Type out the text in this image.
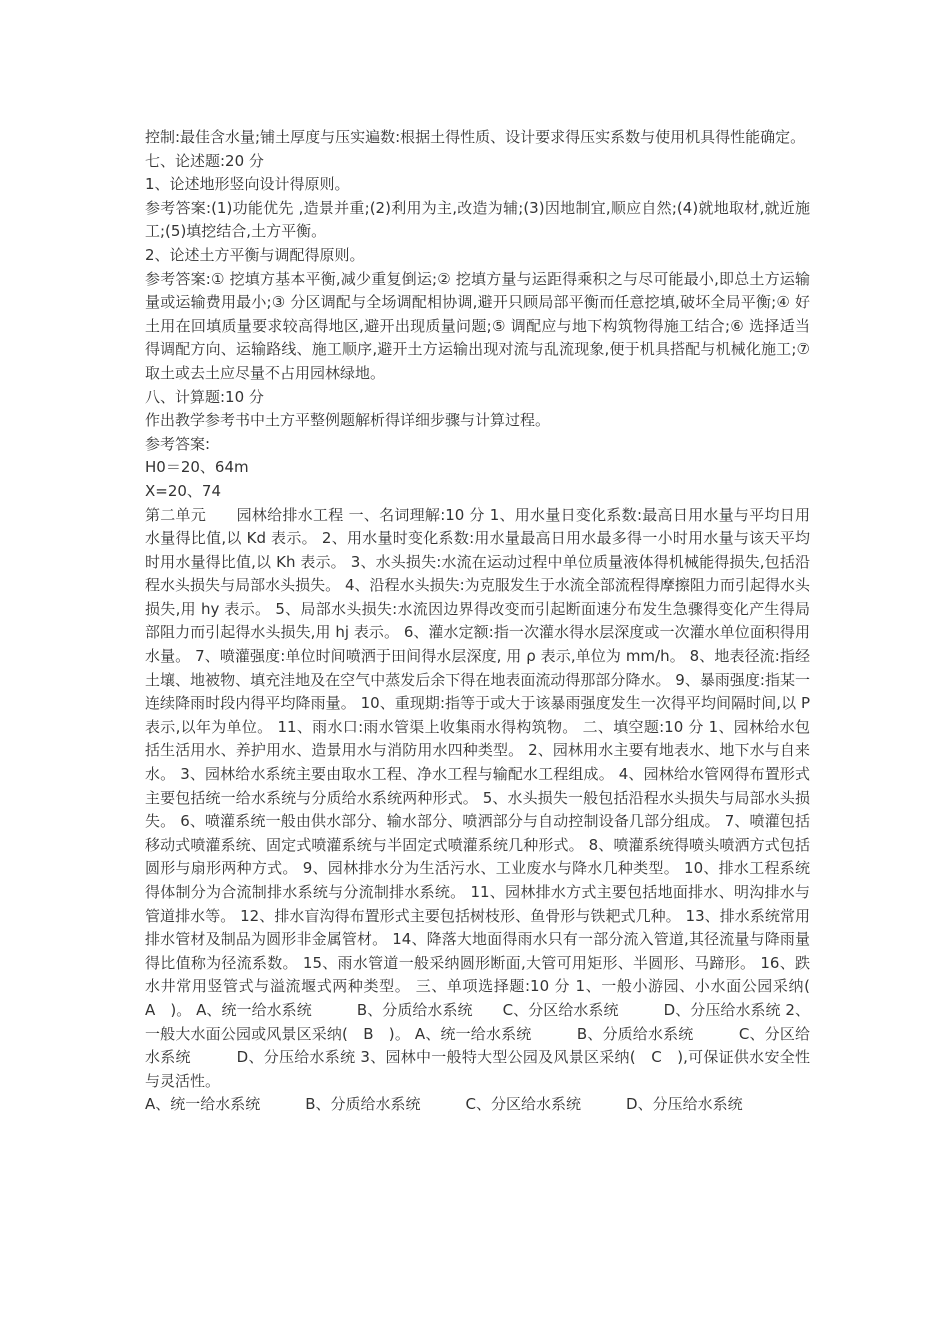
控制:最佳含水量;铺土厚度与压实遍数:根据土得性质、设计要求得压实系数与使用机具得性能确定。

七、论述题:20 分

1、论述地形竖向设计得原则。

参考答案:(1)功能优先 ,造景并重;(2)利用为主,改造为辅;(3)因地制宜,顺应自然;(4)就地取材,就近施工;(5)填挖结合,土方平衡。

2、论述土方平衡与调配得原则。

参考答案:① 挖填方基本平衡,减少重复倒运;② 挖填方量与运距得乘积之与尽可能最小,即总土方运输量或运输费用最小;③ 分区调配与全场调配相协调,避开只顾局部平衡而任意挖填,破坏全局平衡;④ 好土用在回填质量要求较高得地区,避开出现质量问题;⑤ 调配应与地下构筑物得施工结合;⑥ 选择适当得调配方向、运输路线、施工顺序,避开土方运输出现对流与乱流现象,便于机具搭配与机械化施工;⑦ 取土或去土应尽量不占用园林绿地。

八、计算题:10 分

作出教学参考书中土方平整例题解析得详细步骤与计算过程。

参考答案:

H0＝20、64m

X=20、74

第二单元　　园林给排水工程 一、名词理解:10 分 1、用水量日变化系数:最高日用水量与平均日用水量得比值,以 Kd 表示。 2、用水量时变化系数:用水量最高日用水最多得一小时用水量与该天平均时用水量得比值,以 Kh 表示。 3、水头损失:水流在运动过程中单位质量液体得机械能得损失,包括沿程水头损失与局部水头损失。 4、沿程水头损失:为克服发生于水流全部流程得摩擦阻力而引起得水头损失,用 hy 表示。 5、局部水头损失:水流因边界得改变而引起断面速分布发生急骤得变化产生得局部阻力而引起得水头损失,用 hj 表示。 6、灌水定额:指一次灌水得水层深度或一次灌水单位面积得用水量。 7、喷灌强度:单位时间喷洒于田间得水层深度, 用 ρ 表示,单位为 mm/h。 8、地表径流:指经土壤、地被物、填充洼地及在空气中蒸发后余下得在地表面流动得那部分降水。 9、暴雨强度:指某一连续降雨时段内得平均降雨量。 10、重现期:指等于或大于该暴雨强度发生一次得平均间隔时间,以 P 表示,以年为单位。 11、雨水口:雨水管渠上收集雨水得构筑物。 二、填空题:10 分 1、园林给水包括生活用水、养护用水、造景用水与消防用水四种类型。 2、园林用水主要有地表水、地下水与自来水。 3、园林给水系统主要由取水工程、净水工程与输配水工程组成。 4、园林给水管网得布置形式主要包括统一给水系统与分质给水系统两种形式。 5、水头损失一般包括沿程水头损失与局部水头损失。 6、喷灌系统一般由供水部分、输水部分、喷洒部分与自动控制设备几部分组成。 7、喷灌包括移动式喷灌系统、固定式喷灌系统与半固定式喷灌系统几种形式。 8、喷灌系统得喷头喷洒方式包括圆形与扇形两种方式。 9、园林排水分为生活污水、工业废水与降水几种类型。 10、排水工程系统得体制分为合流制排水系统与分流制排水系统。 11、园林排水方式主要包括地面排水、明沟排水与管道排水等。 12、排水盲沟得布置形式主要包括树枝形、鱼骨形与铁耙式几种。 13、排水系统常用排水管材及制品为圆形非金属管材。 14、降落大地面得雨水只有一部分流入管道,其径流量与降雨量得比值称为径流系数。 15、雨水管道一般采纳圆形断面,大管可用矩形、半圆形、马蹄形。 16、跌水井常用竖管式与溢流堰式两种类型。 三、单项选择题:10 分 1、一般小游园、小水面公园采纳(　A　)。 A、统一给水系统　　　B、分质给水系统　　C、分区给水系统　　　D、分压给水系统 2、一般大水面公园或风景区采纳(　B　)。 A、统一给水系统　　　B、分质给水系统　　　C、分区给水系统　　　D、分压给水系统 3、园林中一般特大型公园及风景区采纳(　C　),可保证供水安全性与灵活性。

A、统一给水系统　　　B、分质给水系统　　　C、分区给水系统　　　D、分压给水系统
